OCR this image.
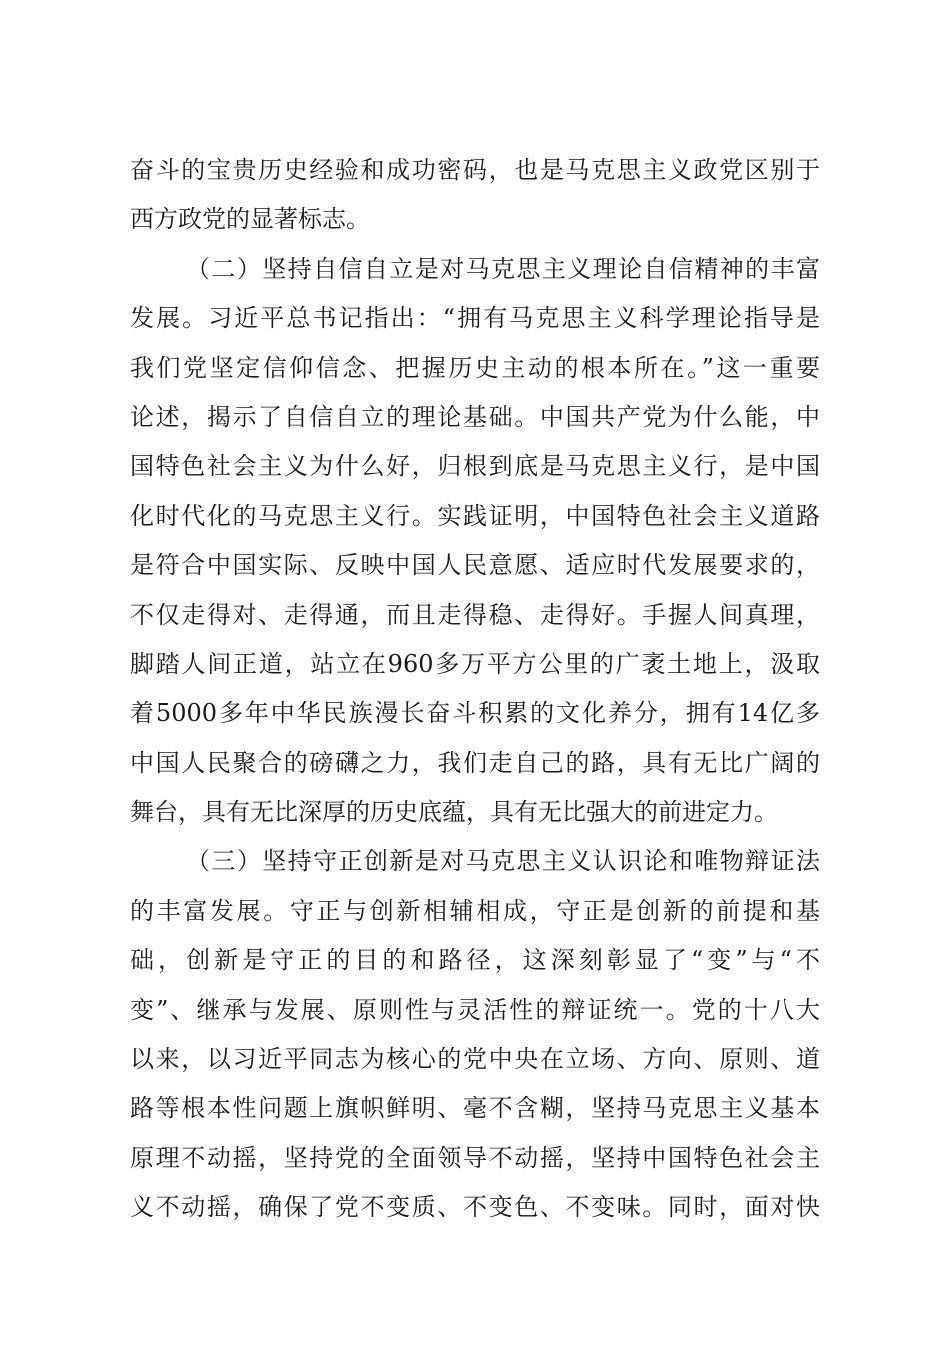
奋斗的宝贵历史经验和成功密码，也是马克思主义政党区别于
西方政党的显著标志。
（二）坚持自信自立是对马克思主义理论自信精神的丰富
发展。习近平总书记指出：“拥有马克思主义科学理论指导是
我们党坚定信仰信念、把握历史主动的根本所在。”这一重要
论述，揭示了自信自立的理论基础。中国共产党为什么能，中
国特色社会主义为什么好，归根到底是马克思主义行，是中国
化时代化的马克思主义行。实践证明，中国特色社会主义道路
是符合中国实际、反映中国人民意愿、适应时代发展要求的，
不仅走得对、走得通，而且走得稳、走得好。手握人间真理，
脚踏人间正道，站立在960多万平方公里的广袤土地上，汲取
着5000多年中华民族漫长奋斗积累的文化养分，拥有14亿多
中国人民聚合的磅礴之力，我们走自己的路，具有无比广阔的
舞台，具有无比深厚的历史底蕴，具有无比强大的前进定力。
（三）坚持守正创新是对马克思主义认识论和唯物辩证法
的丰富发展。守正与创新相辅相成，守正是创新的前提和基
础，创新是守正的目的和路径，这深刻彰显了“变”与“不
变”、继承与发展、原则性与灵活性的辩证统一。党的十八大
以来，以习近平同志为核心的党中央在立场、方向、原则、道
路等根本性问题上旗帜鲜明、毫不含糊，坚持马克思主义基本
原理不动摇，坚持党的全面领导不动摇，坚持中国特色社会主
义不动摇，确保了党不变质、不变色、不变味。同时，面对快
